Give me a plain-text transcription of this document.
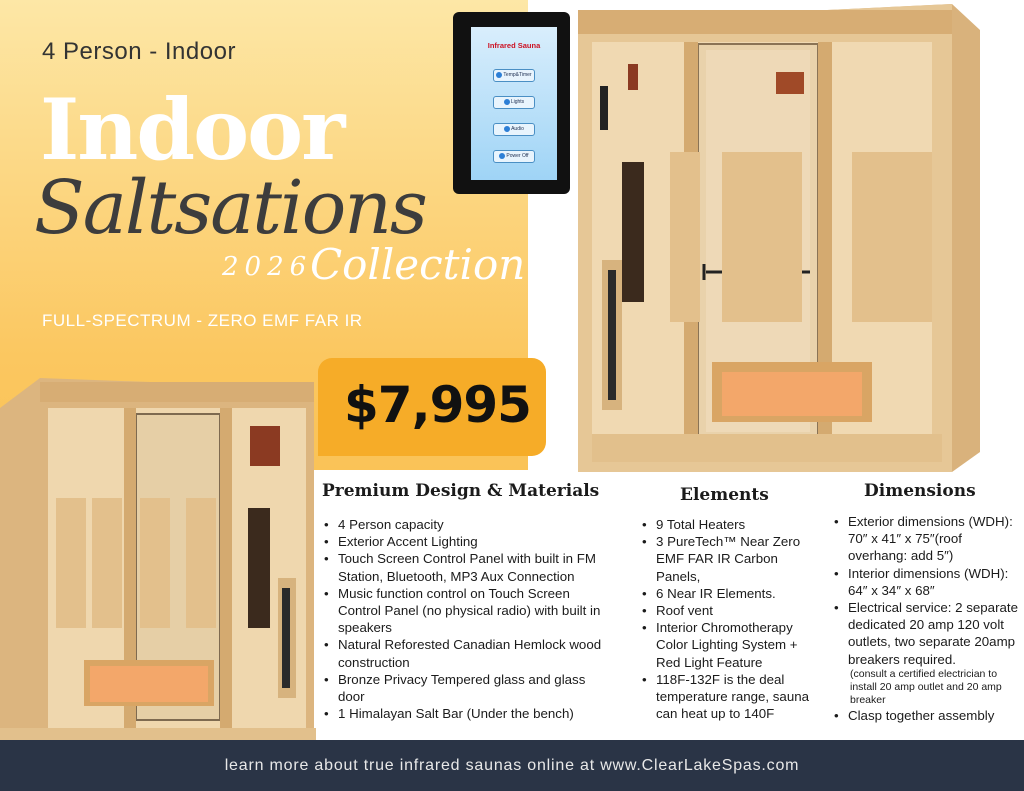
4 Person - Indoor
Indoor
Saltsations
2026
Collection
FULL-SPECTRUM - ZERO EMF FAR IR
Infrared Sauna
Temp&Timer
Lights
Audio
Power Off
$7,995
Premium Design & Materials
• 4 Person capacity
• Exterior Accent Lighting
• Touch Screen Control Panel with built in FM Station, Bluetooth, MP3 Aux Connection
• Music function control on Touch Screen Control Panel (no physical radio) with built in speakers
• Natural Reforested Canadian Hemlock wood construction
• Bronze Privacy Tempered glass and glass door
• 1 Himalayan Salt Bar (Under the bench)
Elements
• 9 Total Heaters
• 3 PureTech™ Near Zero EMF FAR IR Carbon Panels,
• 6 Near IR Elements.
• Roof vent
• Interior Chromotherapy Color Lighting System + Red Light Feature
• 118F-132F is the deal temperature range, sauna can heat up to 140F
Dimensions
• Exterior dimensions (WDH): 70″ x 41″ x 75″(roof overhang: add 5″)
• Interior dimensions (WDH): 64″ x 34″ x 68″
• Electrical service: 2 separate dedicated 20 amp 120 volt outlets, two separate 20amp breakers required.
(consult a certified electrician to install 20 amp outlet and 20 amp breaker
• Clasp together assembly
learn more about true infrared saunas online at www.ClearLakeSpas.com
